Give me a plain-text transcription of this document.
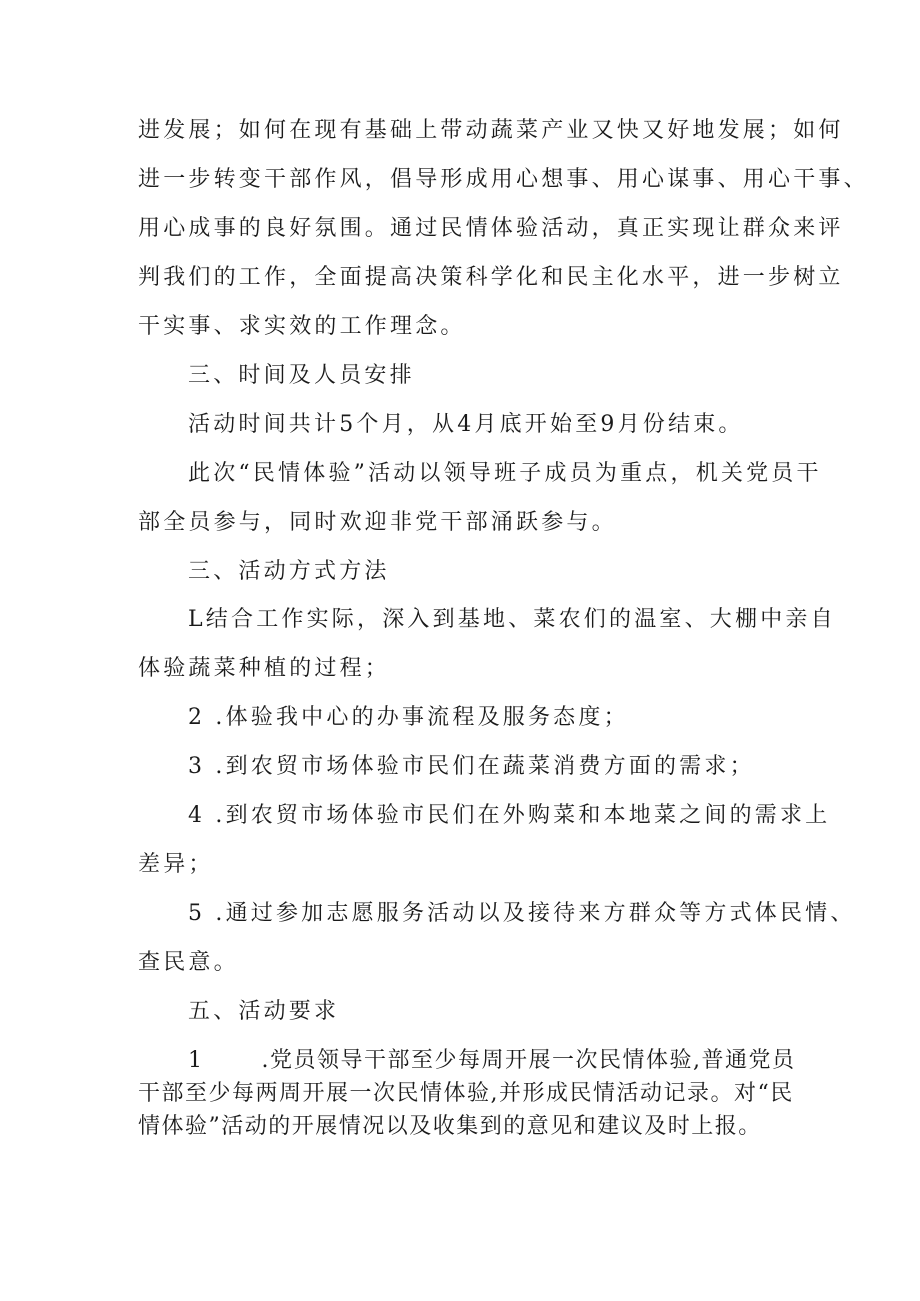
进发展；如何在现有基础上带动蔬菜产业又快又好地发展；如何
进一步转变干部作风，倡导形成用心想事、用心谋事、用心干事、
用心成事的良好氛围。通过民情体验活动，真正实现让群众来评
判我们的工作，全面提高决策科学化和民主化水平，进一步树立
干实事、求实效的工作理念。
三、时间及人员安排
活动时间共计5个月，从4月底开始至9月份结束。
此次“民情体验”活动以领导班子成员为重点，机关党员干
部全员参与，同时欢迎非党干部涌跃参与。
三、活动方式方法
L结合工作实际，深入到基地、菜农们的温室、大棚中亲自
体验蔬菜种植的过程；
2 .体验我中心的办事流程及服务态度；
3 .到农贸市场体验市民们在蔬菜消费方面的需求；
4 .到农贸市场体验市民们在外购菜和本地菜之间的需求上
差异；
5 .通过参加志愿服务活动以及接待来方群众等方式体民情、
查民意。
五、活动要求
1	.党员领导干部至少每周开展一次民情体验,普通党员
干部至少每两周开展一次民情体验,并形成民情活动记录。对“民
情体验”活动的开展情况以及收集到的意见和建议及时上报。
